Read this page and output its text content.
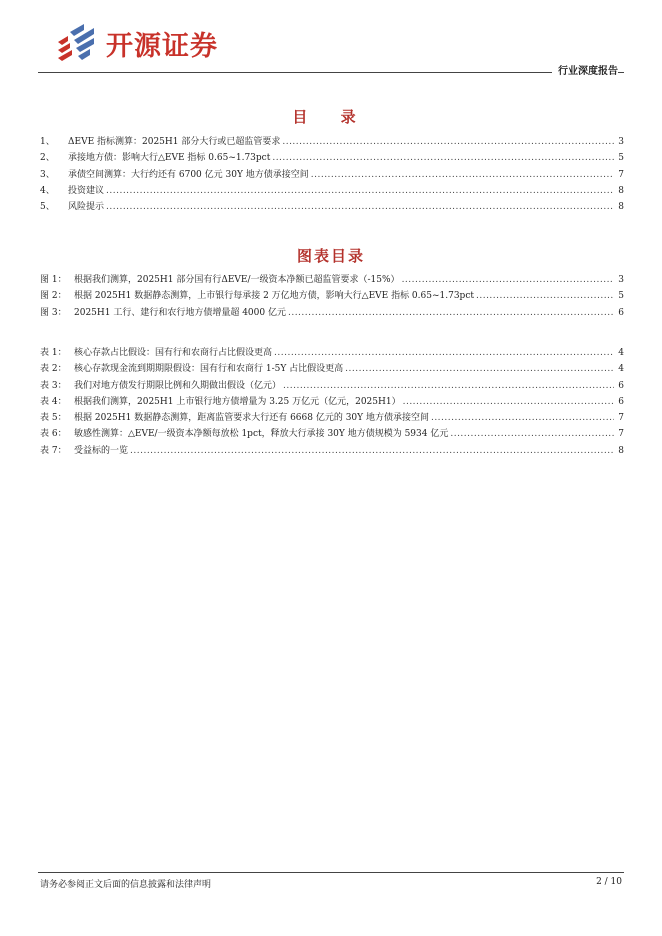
开源证券
行业深度报告
目 录
1、	ΔEVE 指标测算：2025H1 部分大行或已超监管要求 .....	3
2、	承接地方债：影响大行△EVE 指标 0.65~1.73pct .....	5
3、	承债空间测算：大行约还有 6700 亿元 30Y 地方债承接空间 .....	7
4、	投资建议 .....	8
5、	风险提示 .....	8
图表目录
图 1： 根据我们测算，2025H1 部分国有行ΔEVE/一级资本净额已超监管要求（-15%） .....	3
图 2： 根据 2025H1 数据静态测算，上市银行每承接 2 万亿地方债，影响大行△EVE 指标 0.65~1.73pct .....	5
图 3： 2025H1 工行、建行和农行地方债增量超 4000 亿元 .....	6
表 1： 核心存款占比假设：国有行和农商行占比假设更高 .....	4
表 2： 核心存款现金流到期期限假设：国有行和农商行 1-5Y 占比假设更高 .....	4
表 3： 我们对地方债发行期限比例和久期做出假设（亿元） .....	6
表 4： 根据我们测算，2025H1 上市银行地方债增量为 3.25 万亿元（亿元，2025H1） .....	6
表 5： 根据 2025H1 数据静态测算，距离监管要求大行还有 6668 亿元的 30Y 地方债承接空间 .....	7
表 6： 敏感性测算：△EVE/一级资本净额每放松 1pct，释放大行承接 30Y 地方债规模为 5934 亿元 .....	7
表 7： 受益标的一览 .....	8
请务必参阅正文后面的信息披露和法律声明	2 / 10
